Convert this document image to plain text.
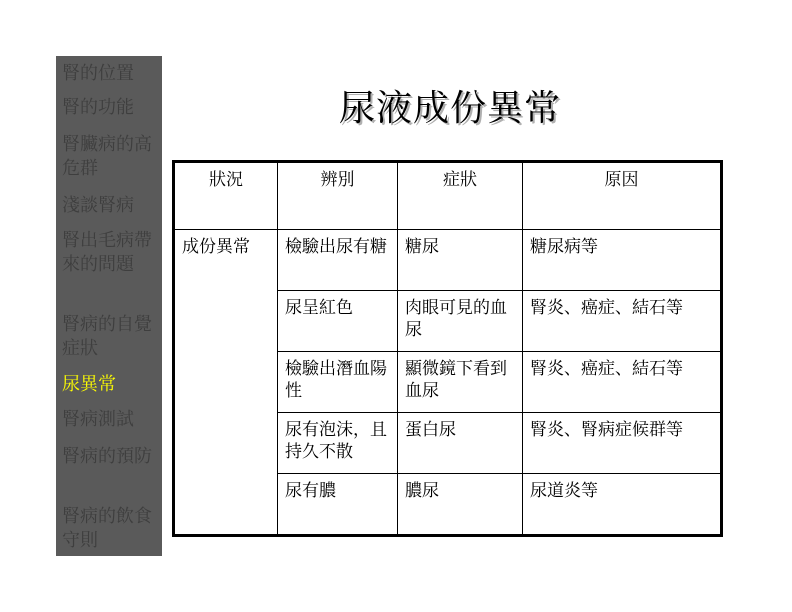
腎的位置
腎的功能
腎臟病的高危群
淺談腎病
腎出毛病帶來的問題
腎病的自覺症狀
尿異常
腎病測試
腎病的預防
腎病的飲食守則
尿液成份異常
狀況	辨別	症狀	原因
成份異常	檢驗出尿有糖	糖尿	糖尿病等
	尿呈紅色	肉眼可見的血尿	腎炎、癌症、結石等
	檢驗出潛血陽性	顯微鏡下看到血尿	腎炎、癌症、結石等
	尿有泡沫，且持久不散	蛋白尿	腎炎、腎病症候群等
	尿有膿	膿尿	尿道炎等
